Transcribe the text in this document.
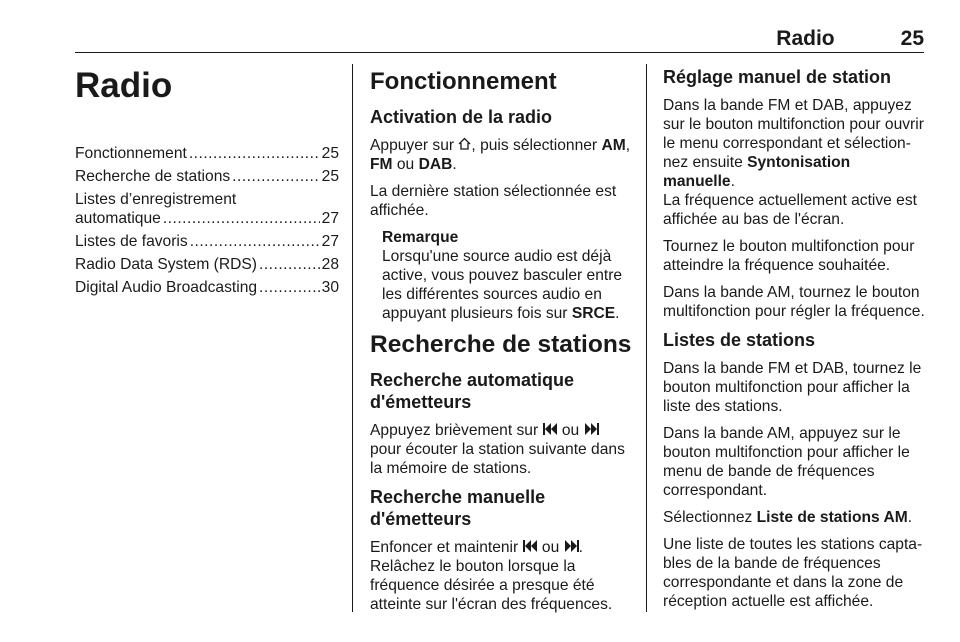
Radio	25
Radio
Fonctionnement .....	25
Recherche de stations .....	25
Listes d’enregistrement
automatique .....	27
Listes de favoris .....	27
Radio Data System (RDS) .....	28
Digital Audio Broadcasting .....	30
Fonctionnement
Activation de la radio

Appuyer sur , puis sélectionner AM, FM ou DAB.

La dernière station sélectionnée est affichée.

Remarque
Lorsqu'une source audio est déjà active, vous pouvez basculer entre les différentes sources audio en appuyant plusieurs fois sur SRCE.
Recherche de stations
Recherche automatique d'émetteurs

Appuyez brièvement sur ou  pour écouter la station suivante dans la mémoire de stations.

Recherche manuelle d'émetteurs

Enfoncer et maintenir ou .

Relâchez le bouton lorsque la fréquence désirée a presque été atteinte sur l'écran des fréquences.

Réglage manuel de station

Dans la bande FM et DAB, appuyez sur le bouton multifonction pour ouvrir le menu correspondant et sélection-nez ensuite Syntonisation manuelle.

La fréquence actuellement active est affichée au bas de l'écran.

Tournez le bouton multifonction pour atteindre la fréquence souhaitée.

Dans la bande AM, tournez le bouton multifonction pour régler la fréquence.

Listes de stations

Dans la bande FM et DAB, tournez le bouton multifonction pour afficher la liste des stations.

Dans la bande AM, appuyez sur le bouton multifonction pour afficher le menu de bande de fréquences correspondant.

Sélectionnez Liste de stations AM.

Une liste de toutes les stations capta-bles de la bande de fréquences correspondante et dans la zone de réception actuelle est affichée.
